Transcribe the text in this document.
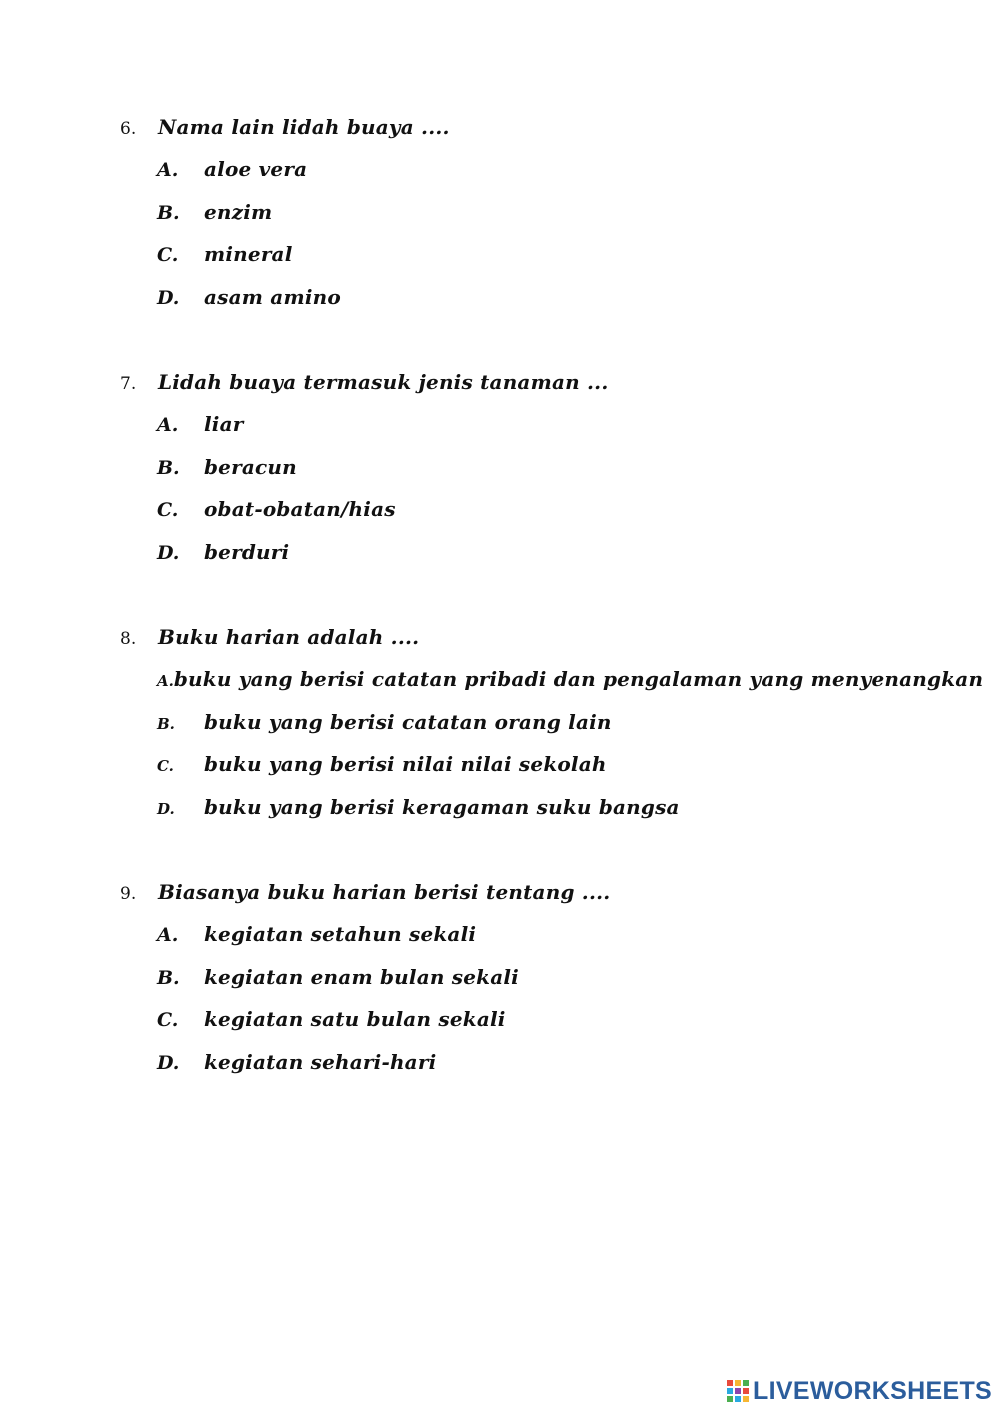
6.	Nama lain lidah buaya ....
A.	aloe vera
B.	enzim
C.	mineral
D.	asam amino
7.	Lidah buaya termasuk jenis tanaman ...
A.	liar
B.	beracun
C.	obat-obatan/hias
D.	berduri
8.	Buku harian adalah ....
A. buku yang berisi catatan pribadi dan pengalaman yang menyenangkan
B.	buku yang berisi catatan orang lain
C.	buku yang berisi nilai nilai sekolah
D.	buku yang berisi keragaman suku bangsa
9.	Biasanya buku harian berisi tentang ....
A.	kegiatan setahun sekali
B.	kegiatan enam bulan sekali
C.	kegiatan satu bulan sekali
D.	kegiatan sehari-hari
LIVEWORKSHEETS
